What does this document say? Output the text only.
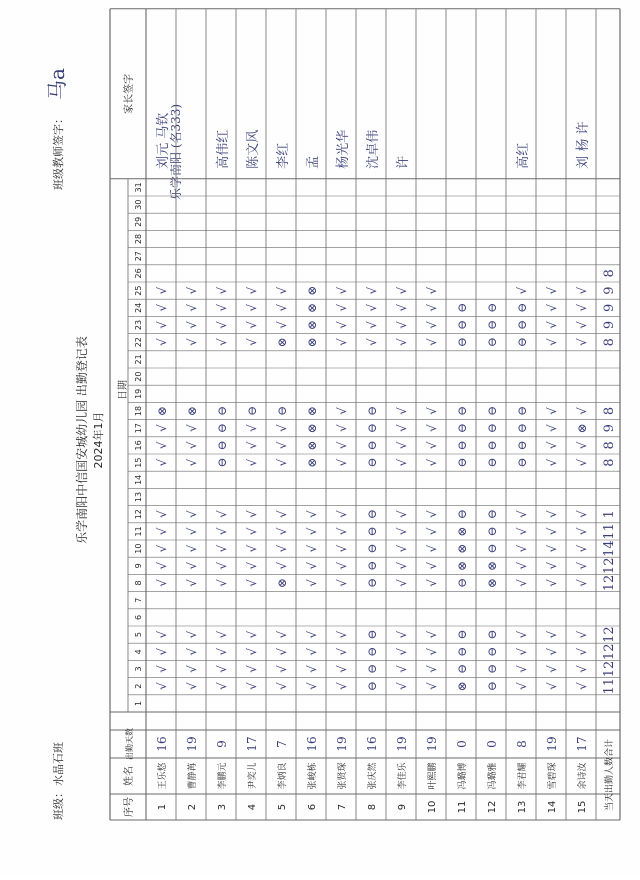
班级：
水晶石班
班级教师签字：
马a
乐学南阳中信国安城幼儿园 出勤登记表 2024年1月
日期
乐学南阳 (名333)
序号
姓名
出勤天数
家长签字
1
2
3
4
5
6
7
8
9
10
11
12
13
14
15
16
17
18
19
20
21
22
23
24
25
26
27
28
29
30
31
1
王乐悠
16
刘元 马钦
√
√
√
√
√
√
√
√
√
√
√
√
⊗
√
√
√
√
2
曹静苒
19
√
√
√
√
√
√
√
√
√
√
√
√
⊗
√
√
√
√
3
李鹏元
9
高伟红
√
√
√
√
√
√
√
√
√
⊖
⊖
⊖
⊖
√
√
√
√
4
尹奕儿
17
陈文风
√
√
√
√
√
√
√
√
√
√
√
√
⊖
√
√
√
√
5
李炳良
7
李红
√
√
√
√
⊗
√
√
√
√
√
√
√
⊖
⊗
√
√
√
6
张峻栋
16
孟
√
√
√
√
√
√
√
√
√
⊗
⊗
⊗
⊗
⊗
⊗
⊗
⊗
7
张贤琛
19
杨光华
√
√
√
√
√
√
√
√
√
√
√
√
√
√
√
√
√
8
张庆然
16
沈卓伟
⊖
⊖
⊖
⊖
⊖
⊖
⊖
⊖
⊖
⊖
⊖
⊖
⊖
√
√
√
√
9
李佳乐
19
许
√
√
√
√
√
√
√
√
√
√
√
√
√
√
√
√
√
10
叶熙鹏
19
√
√
√
√
√
√
√
√
√
√
√
√
√
√
√
√
√
11
冯璐博
0
⊗
⊖
⊖
⊖
⊖
⊗
⊗
⊗
⊖
⊖
⊖
⊖
⊖
⊖
⊖
⊖
12
冯璐雅
0
⊖
⊖
⊖
⊖
⊗
⊗
⊖
⊖
⊖
⊖
⊖
⊖
⊖
⊖
⊖
⊖
13
李君耀
8
高红
√
√
√
√
√
√
√
√
√
⊖
⊖
⊖
⊖
⊖
⊖
⊖
√
14
雪碧琛
19
√
√
√
√
√
√
√
√
√
√
√
√
√
√
√
√
√
15
余诗汝
17
刘 杨 许
√
√
√
√
√
√
√
√
√
√
√
⊗
√
√
√
√
√
当天出勤人数合计
11
12
12
12
12
12
14
11
1
8
8
9
8
8
9
9
9
8
